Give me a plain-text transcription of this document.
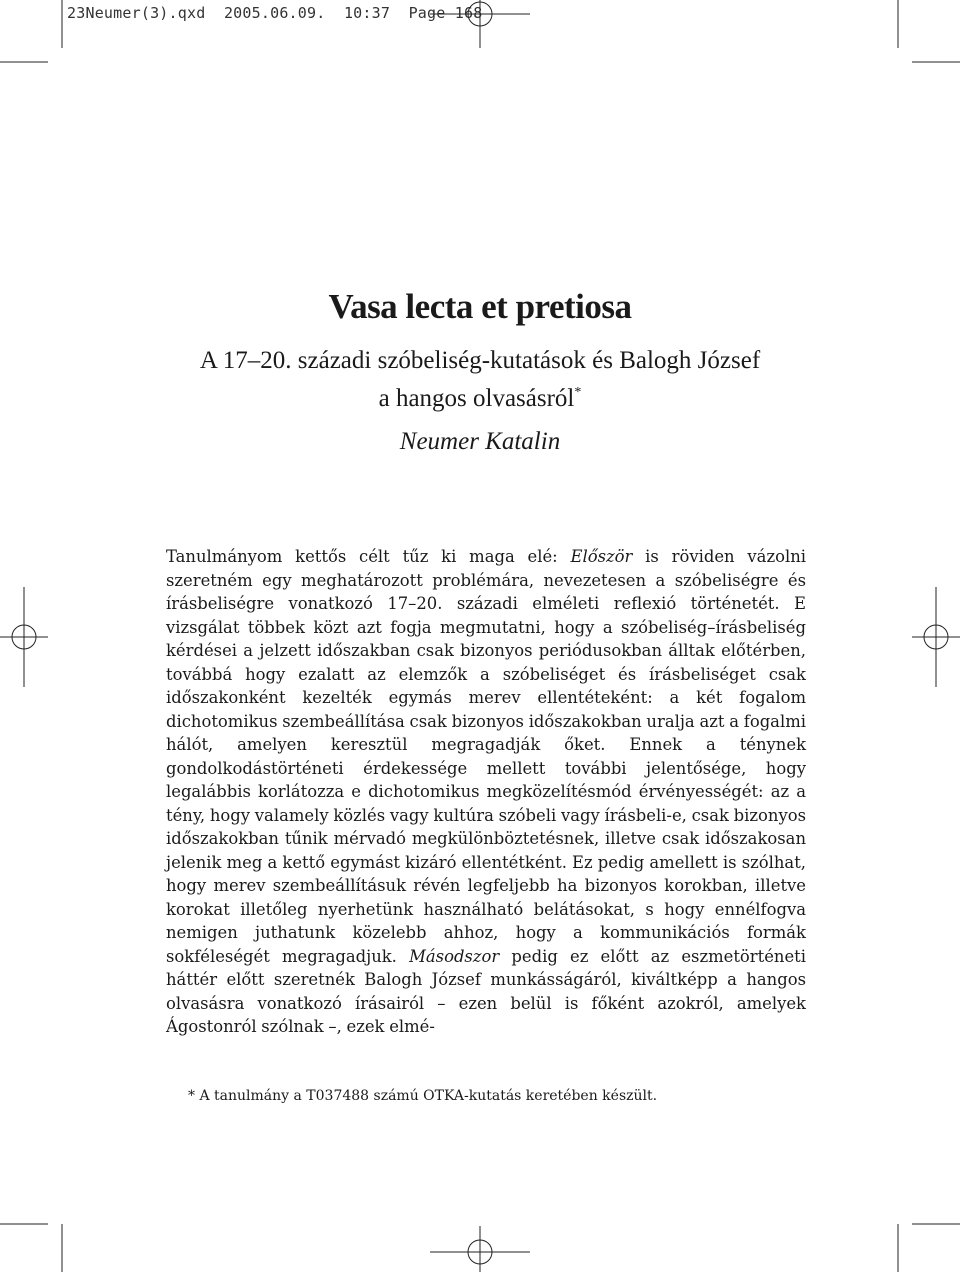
23Neumer(3).qxd 2005.06.09. 10:37 Page 168
Vasa lecta et pretiosa
A 17–20. századi szóbeliség-kutatások és Balogh József
a hangos olvasásról*
Neumer Katalin

Tanulmányom kettős célt tűz ki maga elé: Először is röviden vázolni szeretném egy meghatározott problémára, nevezetesen a szóbeliségre és írásbeliségre vonatkozó 17–20. századi elméleti reflexió történetét. E vizsgálat többek közt azt fogja megmutatni, hogy a szóbeliség–írásbeliség kérdései a jelzett időszakban csak bizonyos periódusokban álltak előtérben, továbbá hogy ezalatt az elemzők a szóbeliséget és írásbeliséget csak időszakonként kezelték egymás merev ellentéteként: a két fogalom dichotomikus szembeállítása csak bizonyos időszakokban uralja azt a fogalmi hálót, amelyen keresztül megragadják őket. Ennek a ténynek gondolkodástörténeti érdekessége mellett további jelentősége, hogy legalábbis korlátozza e dichotomikus megközelítésmód érvényességét: az a tény, hogy valamely közlés vagy kultúra szóbeli vagy írásbeli-e, csak bizonyos időszakokban tűnik mérvadó megkülönböztetésnek, illetve csak időszakosan jelenik meg a kettő egymást kizáró ellentétként. Ez pedig amellett is szólhat, hogy merev szembeállításuk révén legfeljebb ha bizonyos korokban, illetve korokat illetőleg nyerhetünk használható belátásokat, s hogy ennélfogva nemigen juthatunk közelebb ahhoz, hogy a kommunikációs formák sokféleségét megragadjuk. Másodszor pedig ez előtt az eszmetörténeti háttér előtt szeretnék Balogh József munkásságáról, kiváltképp a hangos olvasásra vonatkozó írásairól – ezen belül is főként azokról, amelyek Ágostonról szólnak –, ezek elmé-

* A tanulmány a T037488 számú OTKA-kutatás keretében készült.
